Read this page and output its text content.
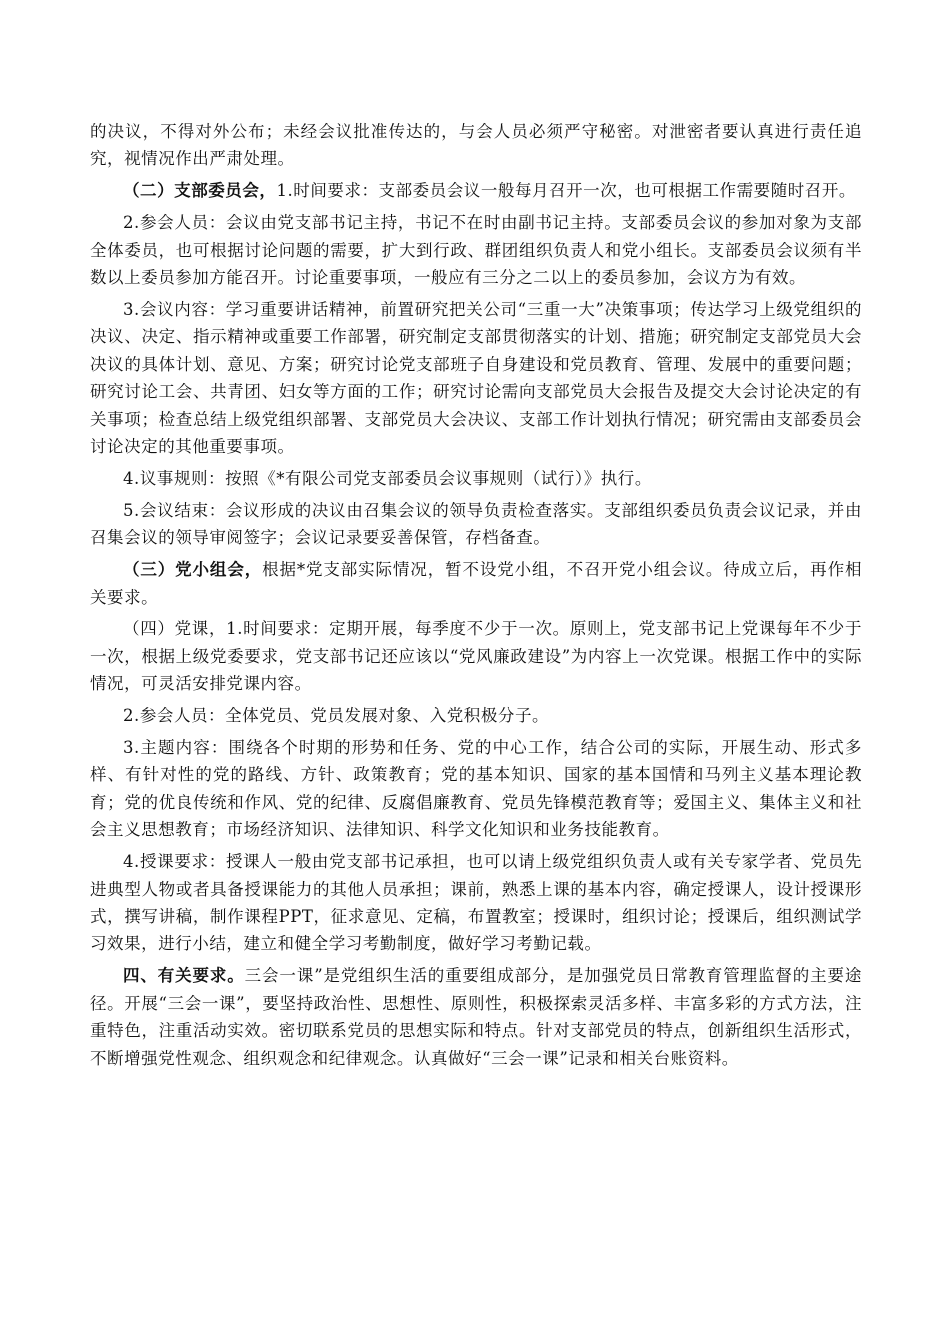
的决议，不得对外公布；未经会议批准传达的，与会人员必须严守秘密。对泄密者要认真进行责任追究，视情况作出严肃处理。

（二）支部委员会，1.时间要求：支部委员会议一般每月召开一次，也可根据工作需要随时召开。

2.参会人员：会议由党支部书记主持，书记不在时由副书记主持。支部委员会议的参加对象为支部全体委员，也可根据讨论问题的需要，扩大到行政、群团组织负责人和党小组长。支部委员会议须有半数以上委员参加方能召开。讨论重要事项，一般应有三分之二以上的委员参加，会议方为有效。

3.会议内容：学习重要讲话精神，前置研究把关公司“三重一大”决策事项；传达学习上级党组织的决议、决定、指示精神或重要工作部署，研究制定支部贯彻落实的计划、措施；研究制定支部党员大会决议的具体计划、意见、方案；研究讨论党支部班子自身建设和党员教育、管理、发展中的重要问题；研究讨论工会、共青团、妇女等方面的工作；研究讨论需向支部党员大会报告及提交大会讨论决定的有关事项；检查总结上级党组织部署、支部党员大会决议、支部工作计划执行情况；研究需由支部委员会讨论决定的其他重要事项。

4.议事规则：按照《*有限公司党支部委员会议事规则（试行）》执行。

5.会议结束：会议形成的决议由召集会议的领导负责检查落实。支部组织委员负责会议记录，并由召集会议的领导审阅签字；会议记录要妥善保管，存档备查。

（三）党小组会，根据*党支部实际情况，暂不设党小组，不召开党小组会议。待成立后，再作相关要求。

（四）党课，1.时间要求：定期开展，每季度不少于一次。原则上，党支部书记上党课每年不少于一次，根据上级党委要求，党支部书记还应该以“党风廉政建设”为内容上一次党课。根据工作中的实际情况，可灵活安排党课内容。

2.参会人员：全体党员、党员发展对象、入党积极分子。

3.主题内容：围绕各个时期的形势和任务、党的中心工作，结合公司的实际，开展生动、形式多样、有针对性的党的路线、方针、政策教育；党的基本知识、国家的基本国情和马列主义基本理论教育；党的优良传统和作风、党的纪律、反腐倡廉教育、党员先锋模范教育等；爱国主义、集体主义和社会主义思想教育；市场经济知识、法律知识、科学文化知识和业务技能教育。

4.授课要求：授课人一般由党支部书记承担，也可以请上级党组织负责人或有关专家学者、党员先进典型人物或者具备授课能力的其他人员承担；课前，熟悉上课的基本内容，确定授课人，设计授课形式，撰写讲稿，制作课程PPT，征求意见、定稿，布置教室；授课时，组织讨论；授课后，组织测试学习效果，进行小结，建立和健全学习考勤制度，做好学习考勤记载。

四、有关要求。三会一课”是党组织生活的重要组成部分，是加强党员日常教育管理监督的主要途径。开展“三会一课”，要坚持政治性、思想性、原则性，积极探索灵活多样、丰富多彩的方式方法，注重特色，注重活动实效。密切联系党员的思想实际和特点。针对支部党员的特点，创新组织生活形式，不断增强党性观念、组织观念和纪律观念。认真做好“三会一课”记录和相关台账资料。
